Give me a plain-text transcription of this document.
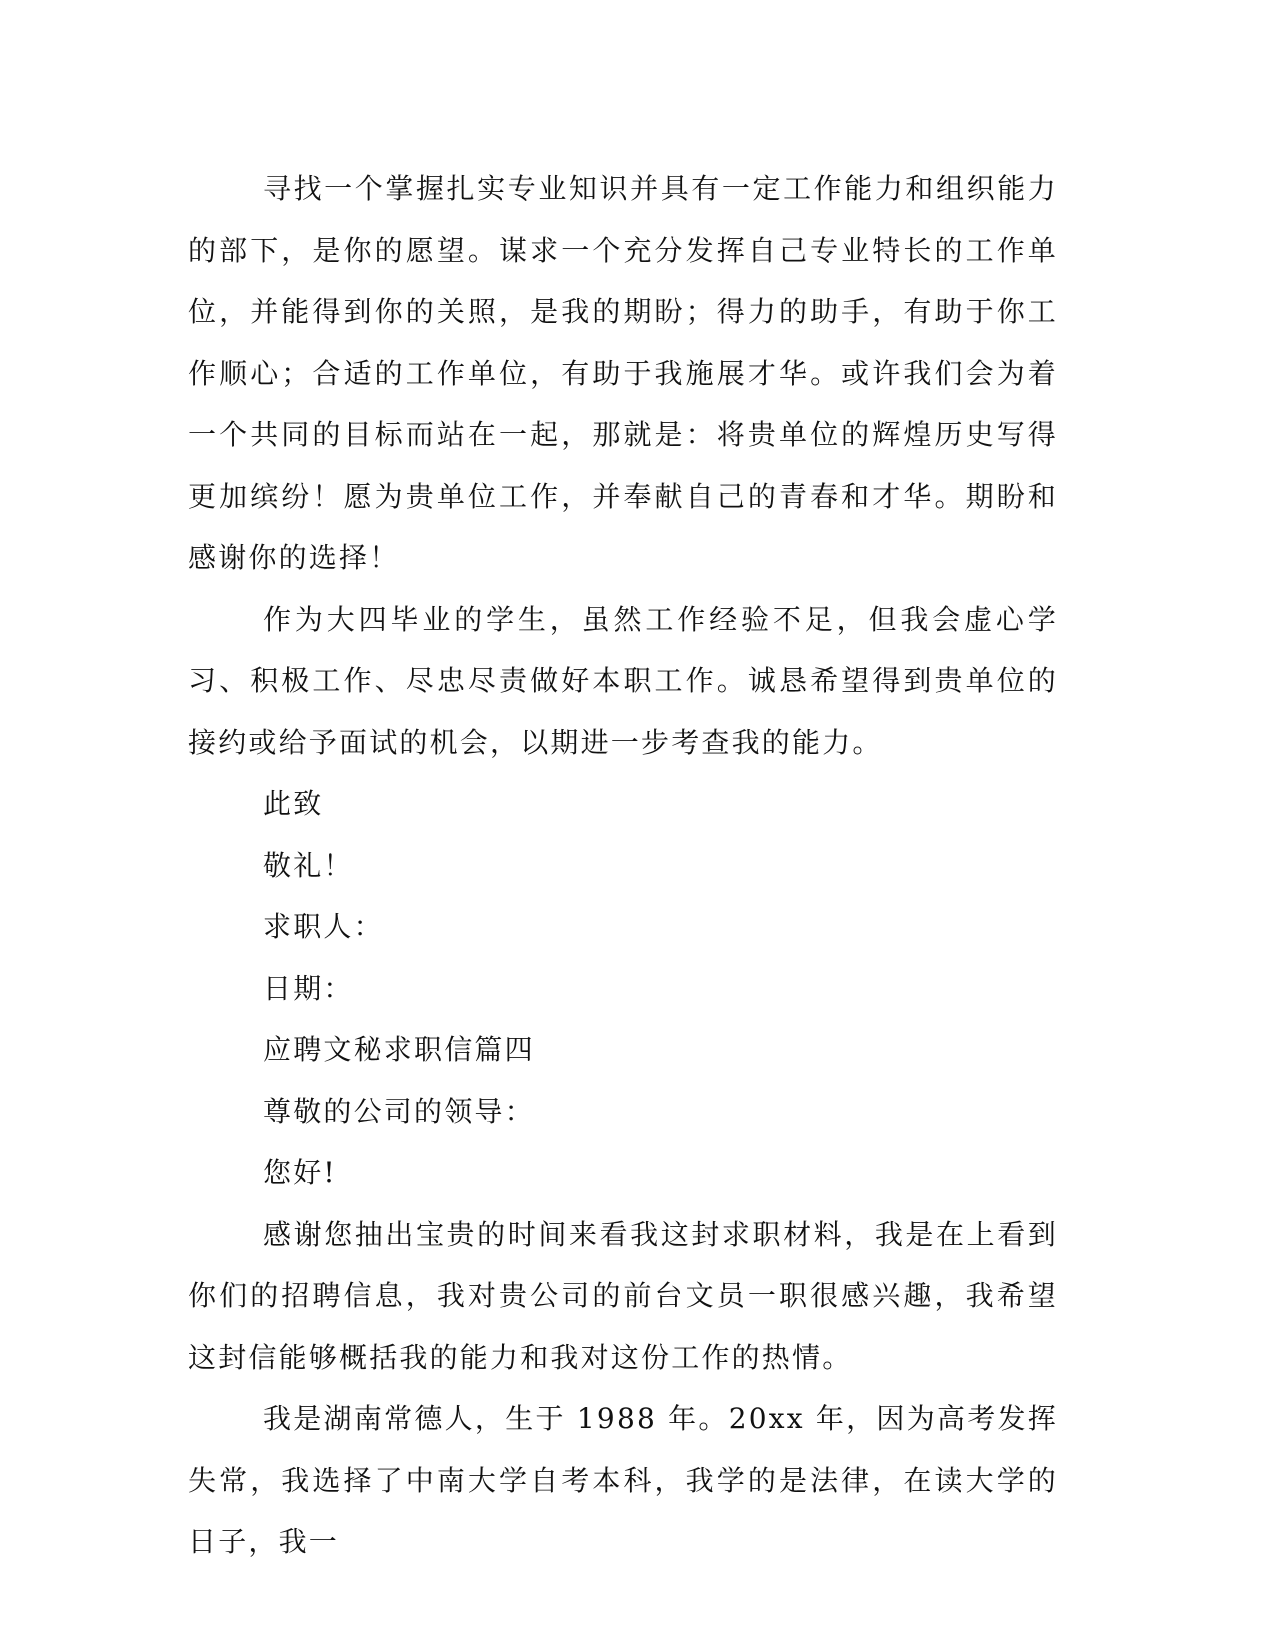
寻找一个掌握扎实专业知识并具有一定工作能力和组织能力的部下，是你的愿望。谋求一个充分发挥自己专业特长的工作单位，并能得到你的关照，是我的期盼；得力的助手，有助于你工作顺心；合适的工作单位，有助于我施展才华。或许我们会为着一个共同的目标而站在一起，那就是：将贵单位的辉煌历史写得更加缤纷！愿为贵单位工作，并奉献自己的青春和才华。期盼和感谢你的选择！

作为大四毕业的学生，虽然工作经验不足，但我会虚心学习、积极工作、尽忠尽责做好本职工作。诚恳希望得到贵单位的接约或给予面试的机会，以期进一步考查我的能力。

此致

敬礼！

求职人：

日期：

应聘文秘求职信篇四

尊敬的公司的领导：

您好!

感谢您抽出宝贵的时间来看我这封求职材料，我是在上看到你们的招聘信息，我对贵公司的前台文员一职很感兴趣，我希望这封信能够概括我的能力和我对这份工作的热情。

我是湖南常德人，生于 1988 年。20xx 年，因为高考发挥失常，我选择了中南大学自考本科，我学的是法律，在读大学的日子，我一
